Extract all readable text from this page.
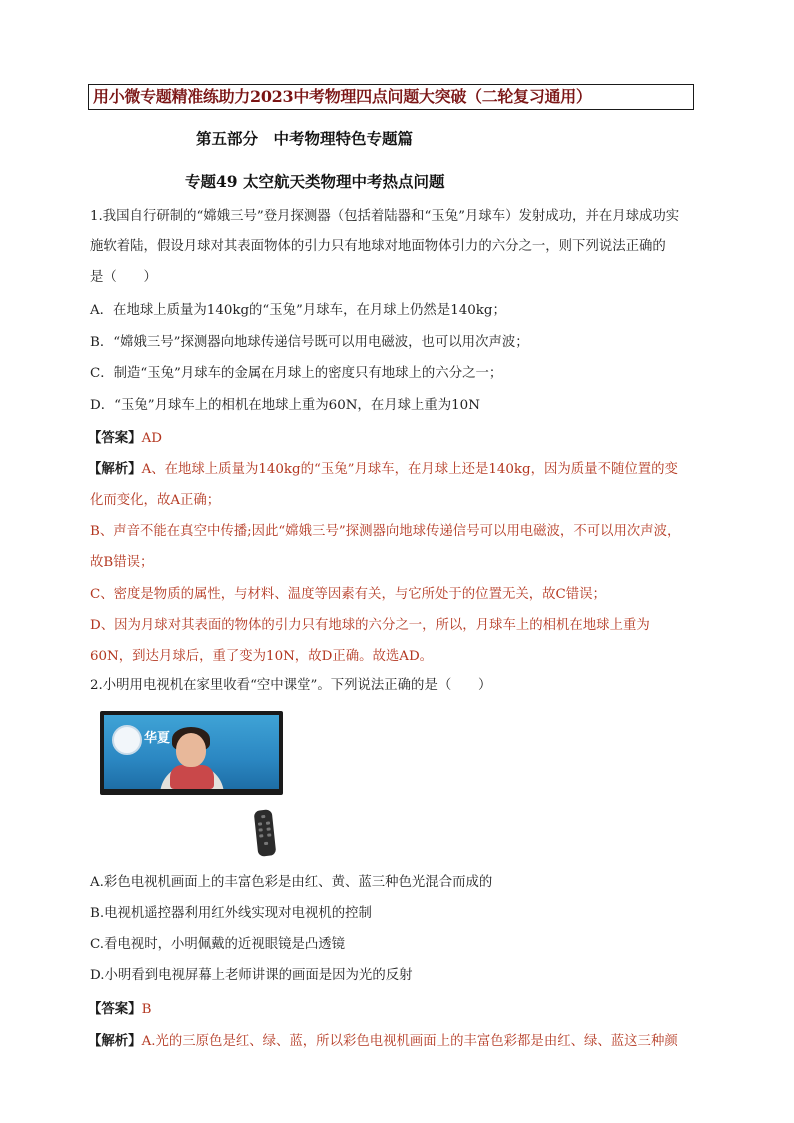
用小微专题精准练助力2023中考物理四点问题大突破（二轮复习通用）
第五部分　中考物理特色专题篇
专题49 太空航天类物理中考热点问题
1.我国自行研制的“嫦娥三号”登月探测器（包括着陆器和“玉兔”月球车）发射成功，并在月球成功实
施软着陆，假设月球对其表面物体的引力只有地球对地面物体引力的六分之一，则下列说法正确的
是（　　）
A．在地球上质量为140kg的“玉兔”月球车，在月球上仍然是140kg；
B．“嫦娥三号”探测器向地球传递信号既可以用电磁波，也可以用次声波；
C．制造“玉兔”月球车的金属在月球上的密度只有地球上的六分之一；
D．“玉兔”月球车上的相机在地球上重为60N，在月球上重为10N
【答案】AD
【解析】A、在地球上质量为140kg的“玉兔”月球车，在月球上还是140kg，因为质量不随位置的变
化而变化，故A正确；
B、声音不能在真空中传播;因此“嫦娥三号”探测器向地球传递信号可以用电磁波，不可以用次声波，
故B错误；
C、密度是物质的属性，与材料、温度等因素有关，与它所处于的位置无关，故C错误；
D、因为月球对其表面的物体的引力只有地球的六分之一，所以，月球车上的相机在地球上重为
60N，到达月球后，重了变为10N，故D正确。故选AD。
2.小明用电视机在家里收看“空中课堂”。下列说法正确的是（　　）
华夏
A.彩色电视机画面上的丰富色彩是由红、黄、蓝三种色光混合而成的
B.电视机遥控器利用红外线实现对电视机的控制
C.看电视时，小明佩戴的近视眼镜是凸透镜
D.小明看到电视屏幕上老师讲课的画面是因为光的反射
【答案】B
【解析】A.光的三原色是红、绿、蓝，所以彩色电视机画面上的丰富色彩都是由红、绿、蓝这三种颜
